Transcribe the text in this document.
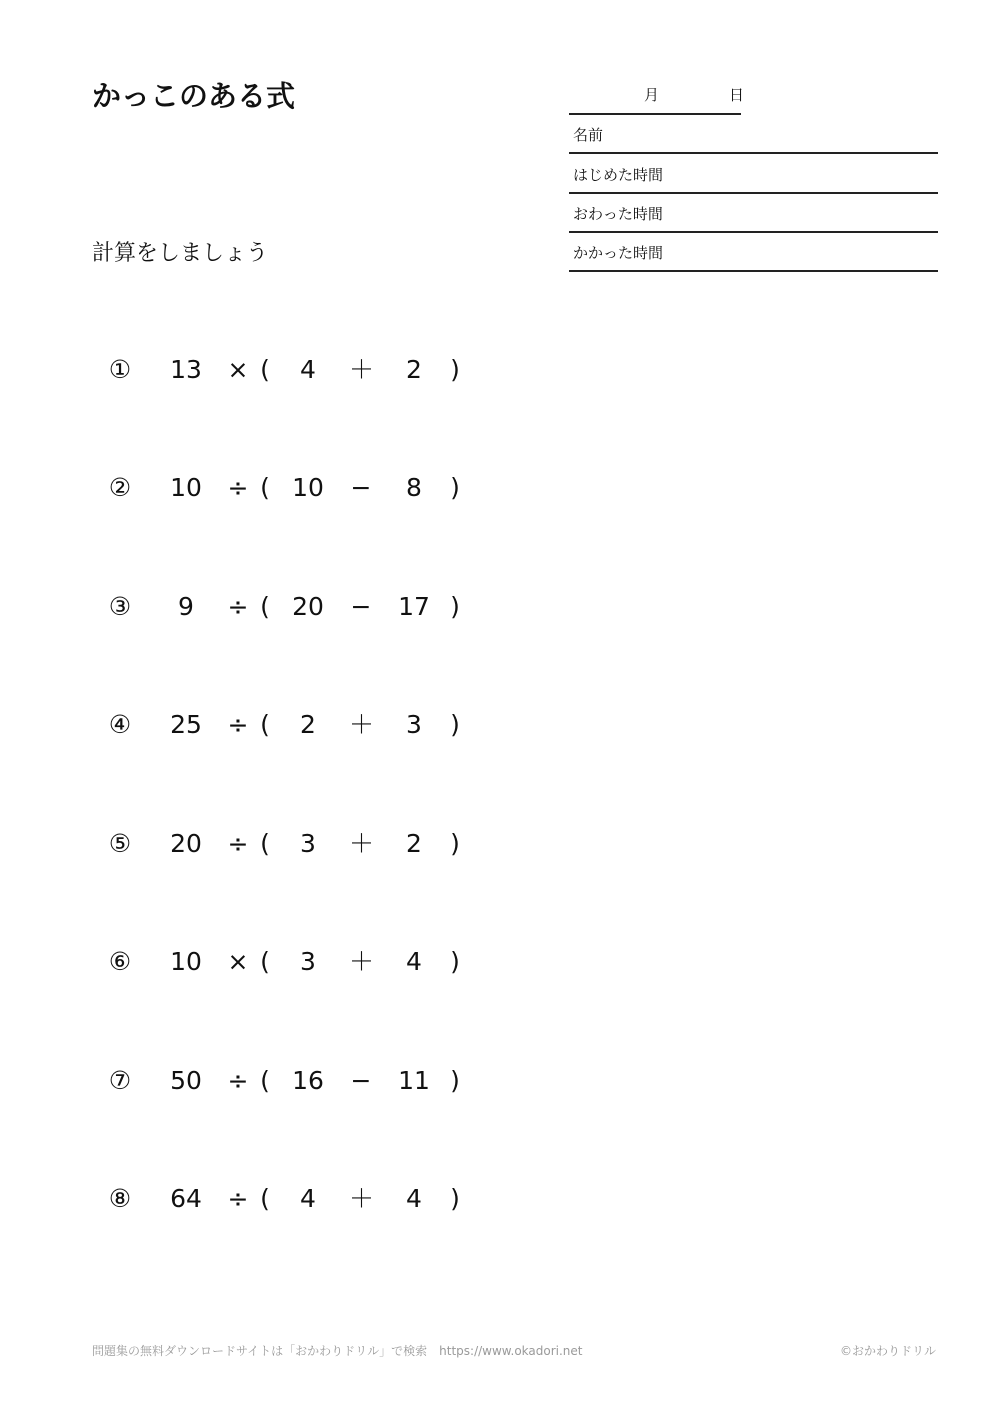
かっこのある式
計算をしましょう
月	日
名前
はじめた時間
おわった時間
かかった時間
①	13	× (	4	＋	2	)
②	10	÷ ( 10	−	8	)
③	9	÷ ( 20	−	17 )
④	25	÷ (	2	＋	3	)
⑤	20	÷ (	3	＋	2	)
⑥	10	× (	3	＋	4	)
⑦	50	÷ ( 16	−	11 )
⑧	64	÷ (	4	＋	4	)
問題集の無料ダウンロードサイトは「おかわりドリル」で検索　https://www.okadori.net	©おかわりドリル
